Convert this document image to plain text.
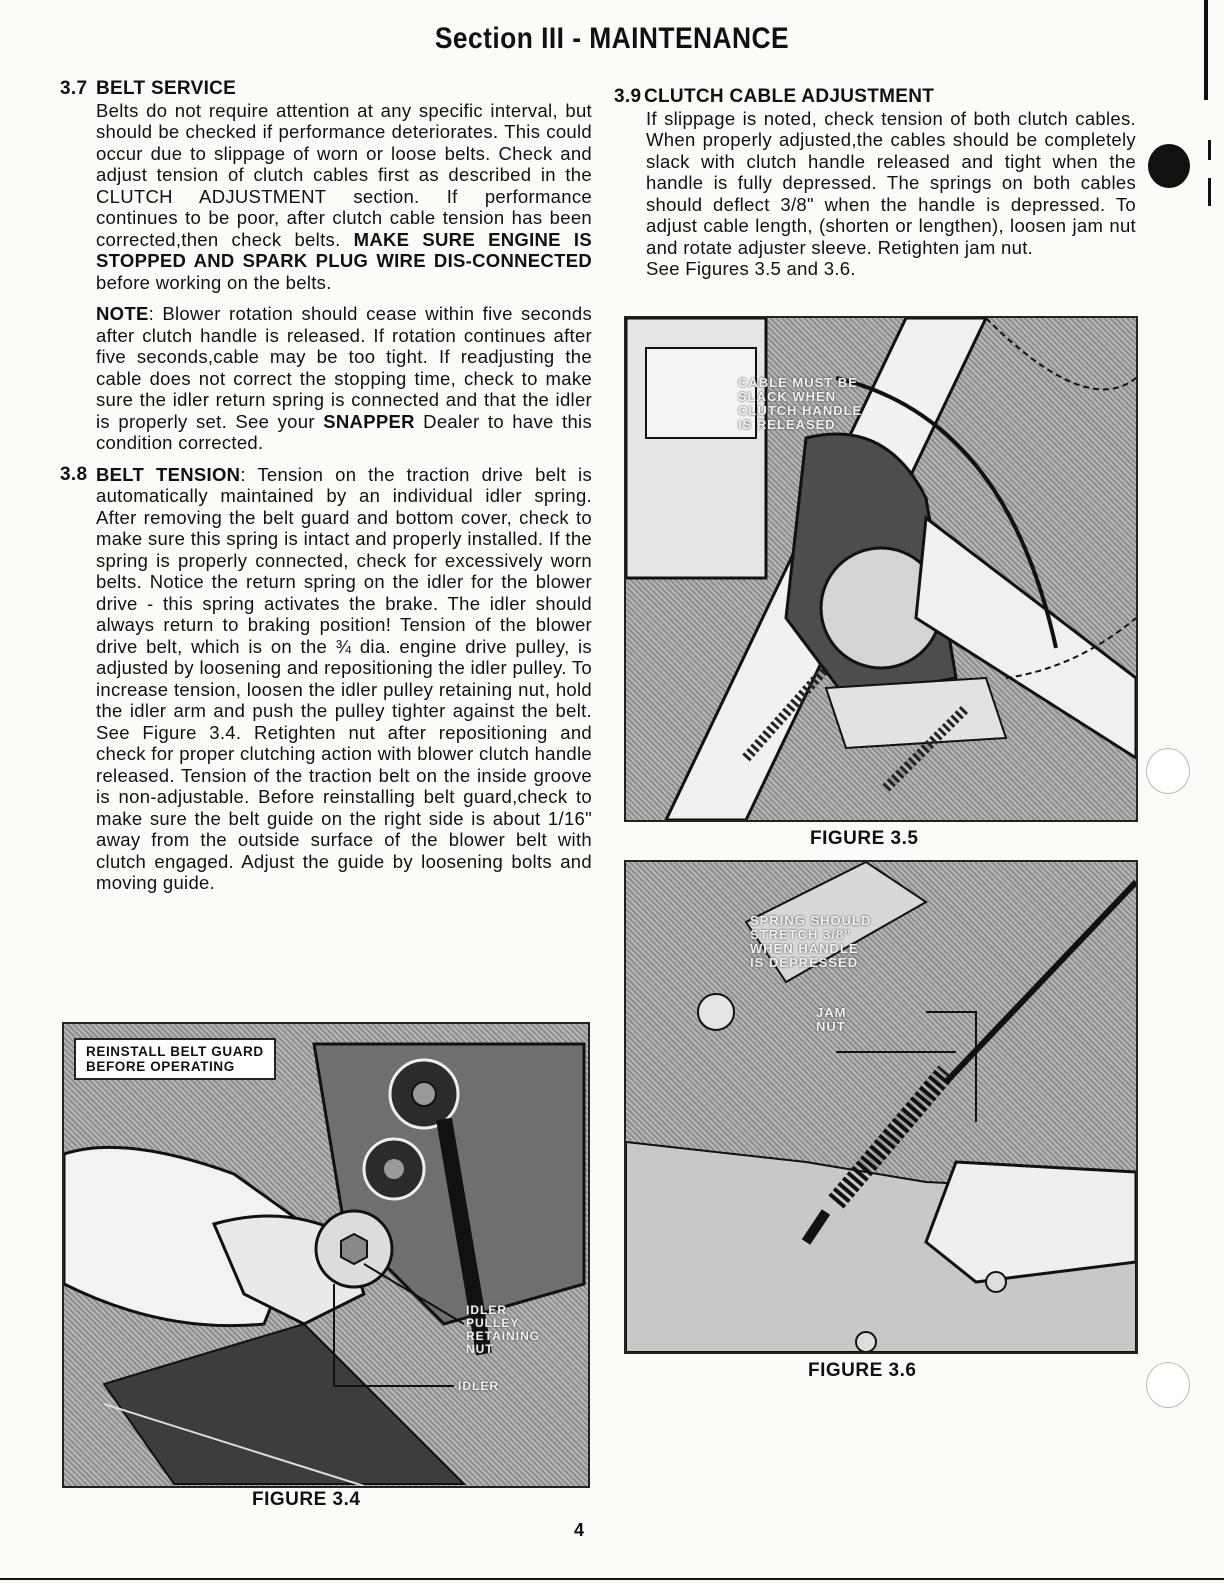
Section III - MAINTENANCE
3.7 BELT SERVICE

Belts do not require attention at any specific interval, but should be checked if performance deteriorates. This could occur due to slippage of worn or loose belts. Check and adjust tension of clutch cables first as described in the CLUTCH ADJUSTMENT section. If performance continues to be poor, after clutch cable tension has been corrected,then check belts. MAKE SURE ENGINE IS STOPPED AND SPARK PLUG WIRE DIS-CONNECTED before working on the belts.

NOTE: Blower rotation should cease within five seconds after clutch handle is released. If rotation continues after five seconds,cable may be too tight. If readjusting the cable does not correct the stopping time, check to make sure the idler return spring is connected and that the idler is properly set. See your SNAPPER Dealer to have this condition corrected.

3.8 BELT TENSION: Tension on the traction drive belt is automatically maintained by an individual idler spring. After removing the belt guard and bottom cover, check to make sure this spring is intact and properly installed. If the spring is properly connected, check for excessively worn belts. Notice the return spring on the idler for the blower drive - this spring activates the brake. The idler should always return to braking position! Tension of the blower drive belt, which is on the ¾ dia. engine drive pulley, is adjusted by loosening and repositioning the idler pulley. To increase tension, loosen the idler pulley retaining nut, hold the idler arm and push the pulley tighter against the belt. See Figure 3.4. Retighten nut after repositioning and check for proper clutching action with blower clutch handle released. Tension of the traction belt on the inside groove is non-adjustable. Before reinstalling belt guard,check to make sure the belt guide on the right side is about 1/16" away from the outside surface of the blower belt with clutch engaged. Adjust the guide by loosening bolts and moving guide.

REINSTALL BELT GUARD
BEFORE OPERATING
IDLER
PULLEY
RETAINING
NUT
IDLER
FIGURE 3.4
3.9 CLUTCH CABLE ADJUSTMENT

If slippage is noted, check tension of both clutch cables. When properly adjusted,the cables should be completely slack with clutch handle released and tight when the handle is fully depressed. The springs on both cables should deflect 3/8" when the handle is depressed. To adjust cable length, (shorten or lengthen), loosen jam nut and rotate adjuster sleeve. Retighten jam nut.

See Figures 3.5 and 3.6.

CABLE MUST BE
SLACK WHEN
CLUTCH HANDLE
IS RELEASED
FIGURE 3.5
SPRING SHOULD
STRETCH 3/8"
WHEN HANDLE
IS DEPRESSED
JAM
NUT
FIGURE 3.6
4
